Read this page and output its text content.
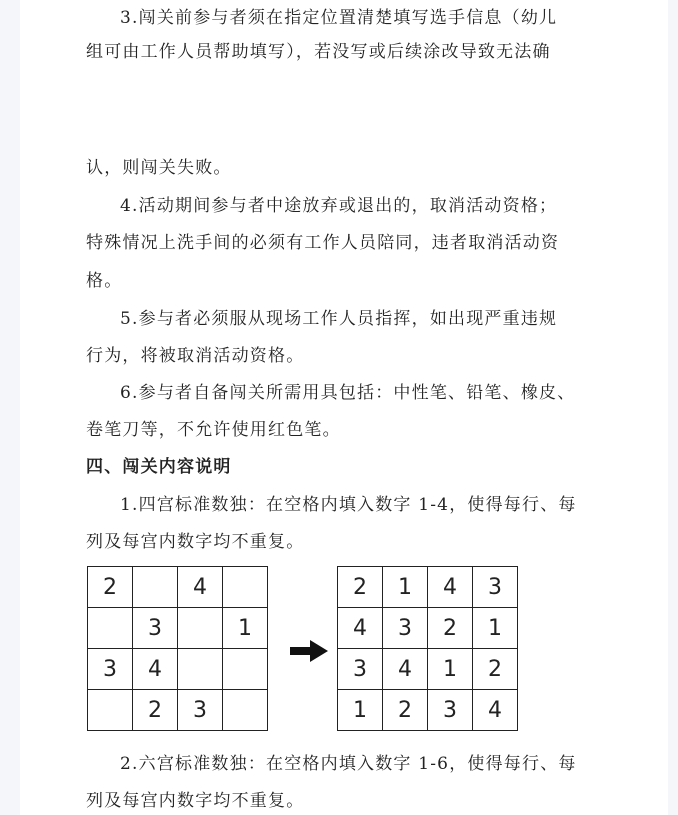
3.闯关前参与者须在指定位置清楚填写选手信息（幼儿
组可由工作人员帮助填写），若没写或后续涂改导致无法确
认，则闯关失败。
4.活动期间参与者中途放弃或退出的，取消活动资格；
特殊情况上洗手间的必须有工作人员陪同，违者取消活动资
格。
5.参与者必须服从现场工作人员指挥，如出现严重违规
行为，将被取消活动资格。
6.参与者自备闯关所需用具包括：中性笔、铅笔、橡皮、
卷笔刀等，不允许使用红色笔。
四、闯关内容说明
1.四宫标准数独：在空格内填入数字 1-4，使得每行、每
列及每宫内数字均不重复。
2		4	
	3		1
3	4		
	2	3	
2	1	4	3
4	3	2	1
3	4	1	2
1	2	3	4
2.六宫标准数独：在空格内填入数字 1-6，使得每行、每
列及每宫内数字均不重复。
